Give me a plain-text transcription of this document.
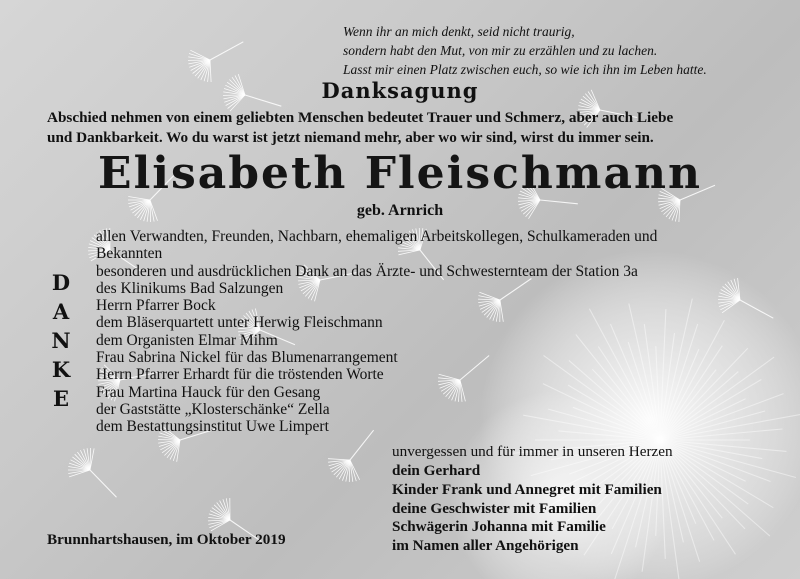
Wenn ihr an mich denkt, seid nicht traurig,
sondern habt den Mut, von mir zu erzählen und zu lachen.
Lasst mir einen Platz zwischen euch, so wie ich ihn im Leben hatte.
Danksagung
Abschied nehmen von einem geliebten Menschen bedeutet Trauer und Schmerz, aber auch Liebe
und Dankbarkeit. Wo du warst ist jetzt niemand mehr, aber wo wir sind, wirst du immer sein.
Elisabeth Fleischmann
geb. Arnrich
D
A
N
K
E
allen Verwandten, Freunden, Nachbarn, ehemaligen Arbeitskollegen, Schulkameraden und
Bekannten
besonderen und ausdrücklichen Dank an das Ärzte- und Schwesternteam der Station 3a
des Klinikums Bad Salzungen
Herrn Pfarrer Bock
dem Bläserquartett unter Herwig Fleischmann
dem Organisten Elmar Mihm
Frau Sabrina Nickel für das Blumenarrangement
Herrn Pfarrer Erhardt für die tröstenden Worte
Frau Martina Hauck für den Gesang
der Gaststätte „Klosterschänke“ Zella
dem Bestattungsinstitut Uwe Limpert
unvergessen und für immer in unseren Herzen
dein Gerhard
Kinder Frank und Annegret mit Familien
deine Geschwister mit Familien
Schwägerin Johanna mit Familie
im Namen aller Angehörigen
Brunnhartshausen, im Oktober 2019
